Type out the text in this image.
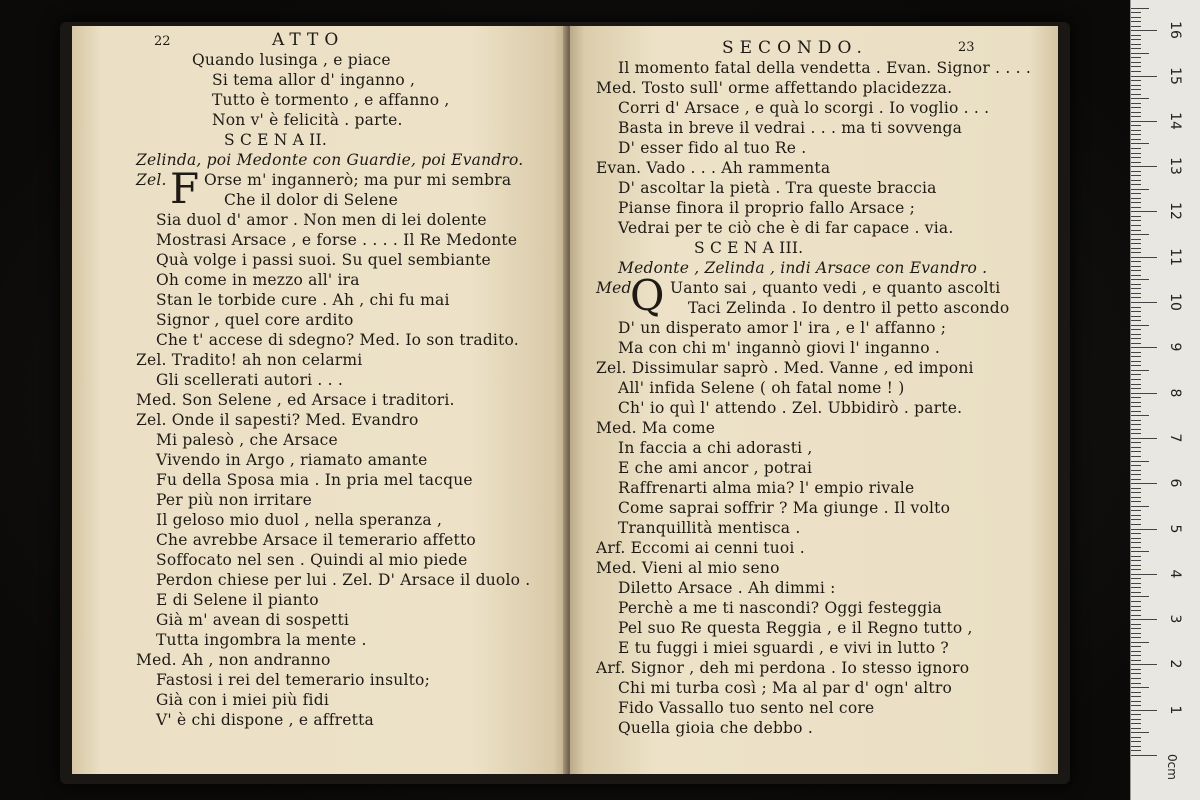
22	ATTO
Quando lusinga , e piace
Si tema allor d' inganno ,
Tutto è tormento , e affanno ,
Non v' è felicità . parte.
S C E N A II.
Zelinda, poi Medonte con Guardie, poi Evandro.
Zel. Orse m' ingannerò; ma pur mi sembra
Che il dolor di Selene
Sia duol d' amor . Non men di lei dolente
Mostrasi Arsace , e forse . . . . Il Re Medonte
Quà volge i passi suoi. Su quel sembiante
Oh come in mezzo all' ira
Stan le torbide cure . Ah , chi fu mai
Signor , quel core ardito
Che t' accese di sdegno? Med. Io son tradito.
Zel. Tradito! ah non celarmi
Gli scellerati autori . . .
Med. Son Selene , ed Arsace i traditori.
Zel. Onde il sapesti? Med. Evandro
Mi palesò , che Arsace
Vivendo in Argo , riamato amante
Fu della Sposa mia . In pria mel tacque
Per più non irritare
Il geloso mio duol , nella speranza ,
Che avrebbe Arsace il temerario affetto
Soffocato nel sen . Quindi al mio piede
Perdon chiese per lui . Zel. D' Arsace il duolo .
E di Selene il pianto
Già m' avean di sospetti
Tutta ingombra la mente .
Med. Ah , non andranno
Fastosi i rei del temerario insulto;
Già con i miei più fidi
V' è chi dispone , e affretta
F
SECONDO.	23
Il momento fatal della vendetta . Evan. Signor . . . .
Med. Tosto sull' orme affettando placidezza.
Corri d' Arsace , e quà lo scorgi . Io voglio . . .
Basta in breve il vedrai . . . ma ti sovvenga
D' esser fido al tuo Re .
Evan. Vado . . . Ah rammenta
D' ascoltar la pietà . Tra queste braccia
Pianse finora il proprio fallo Arsace ;
Vedrai per te ciò che è di far capace . via.
S C E N A III.
Medonte , Zelinda , indi Arsace con Evandro .
Med. Uanto sai , quanto vedi , e quanto ascolti
Taci Zelinda . Io dentro il petto ascondo
D' un disperato amor l' ira , e l' affanno ;
Ma con chi m' ingannò giovi l' inganno .
Zel. Dissimular saprò . Med. Vanne , ed imponi
All' infida Selene ( oh fatal nome ! )
Ch' io quì l' attendo . Zel. Ubbidirò . parte.
Med. Ma come
In faccia a chi adorasti ,
E che ami ancor , potrai
Raffrenarti alma mia? l' empio rivale
Come saprai soffrir ? Ma giunge . Il volto
Tranquillità mentisca .
Arf. Eccomi ai cenni tuoi .
Med. Vieni al mio seno
Diletto Arsace . Ah dimmi :
Perchè a me ti nascondi? Oggi festeggia
Pel suo Re questa Reggia , e il Regno tutto ,
E tu fuggi i miei sguardi , e vivi in lutto ?
Arf. Signor , deh mi perdona . Io stesso ignoro
Chi mi turba così ; Ma al par d' ogn' altro
Fido Vassallo tuo sento nel core
Quella gioia che debbo .
Q
16
15
14
13
12
11
10
9
8
7
6
5
4
3
2
1
0cm
